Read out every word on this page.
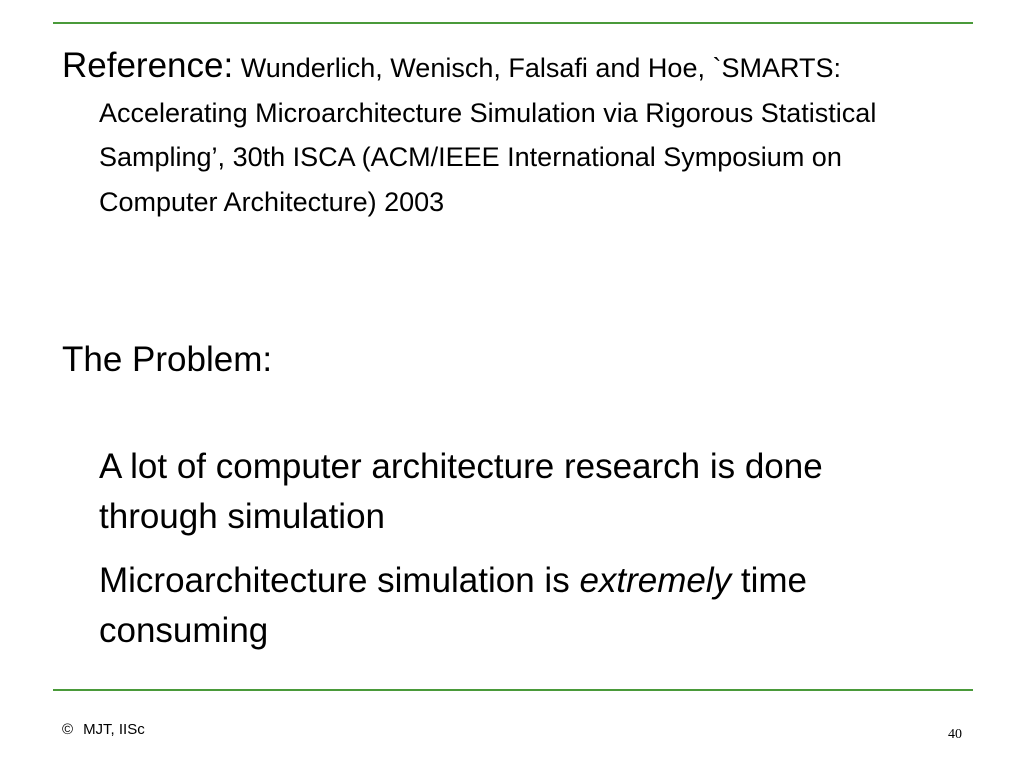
Reference: Wunderlich, Wenisch, Falsafi and Hoe, `SMARTS: Accelerating Microarchitecture Simulation via Rigorous Statistical Sampling’, 30th ISCA (ACM/IEEE International Symposium on Computer Architecture) 2003

The Problem:

A lot of computer architecture research is done through simulation
Microarchitecture simulation is extremely time consuming
© MJT, IISc	40
